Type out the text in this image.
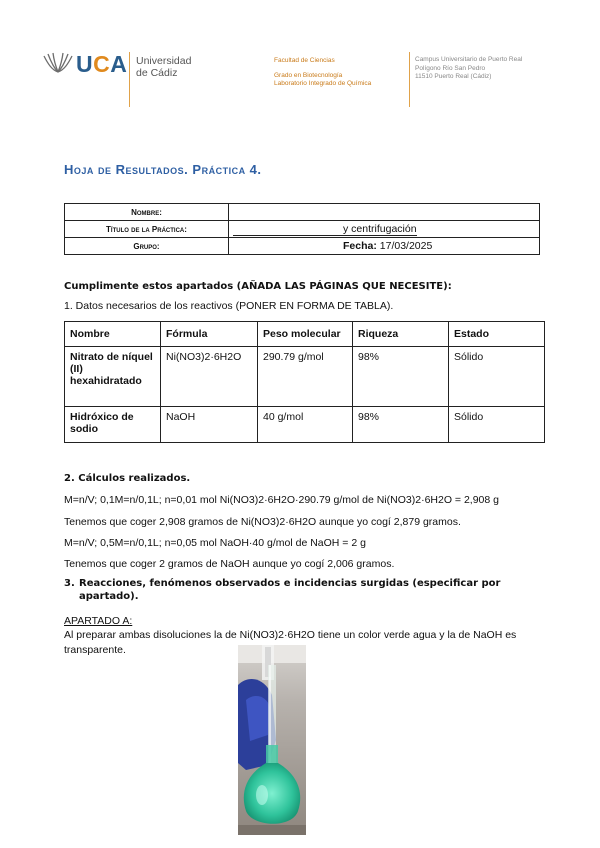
UCA Universidad
de Cádiz
Facultad de Ciencias
Grado en Biotecnología
Laboratorio Integrado de Química
Campus Universitario de Puerto Real
Polígono Río San Pedro
11510 Puerto Real (Cádiz)
Hoja de Resultados. Práctica 4.
Nombre:	
Título de la Práctica:	y centrifugación
Grupo:	Fecha: 17/03/2025
Cumplimente estos apartados (AÑADA LAS PÁGINAS QUE NECESITE):
1. Datos necesarios de los reactivos (PONER EN FORMA DE TABLA).
Nombre	Fórmula	Peso molecular	Riqueza	Estado
Nitrato de níquel (II) hexahidratado	Ni(NO3)2·6H2O	290.79 g/mol	98%	Sólido
Hidróxico de sodio	NaOH	40 g/mol	98%	Sólido
2. Cálculos realizados.
M=n/V; 0,1M=n/0,1L; n=0,01 mol Ni(NO3)2·6H2O·290.79 g/mol de Ni(NO3)2·6H2O = 2,908 g
Tenemos que coger 2,908 gramos de Ni(NO3)2·6H2O aunque yo cogí 2,879 gramos.
M=n/V; 0,5M=n/0,1L; n=0,05 mol NaOH·40 g/mol de NaOH = 2 g
Tenemos que coger 2 gramos de NaOH aunque yo cogí 2,006 gramos.
3. Reacciones, fenómenos observados e incidencias surgidas (especificar por
apartado).
APARTADO A:
Al preparar ambas disoluciones la de Ni(NO3)2·6H2O tiene un color verde agua y la de NaOH es
transparente.
